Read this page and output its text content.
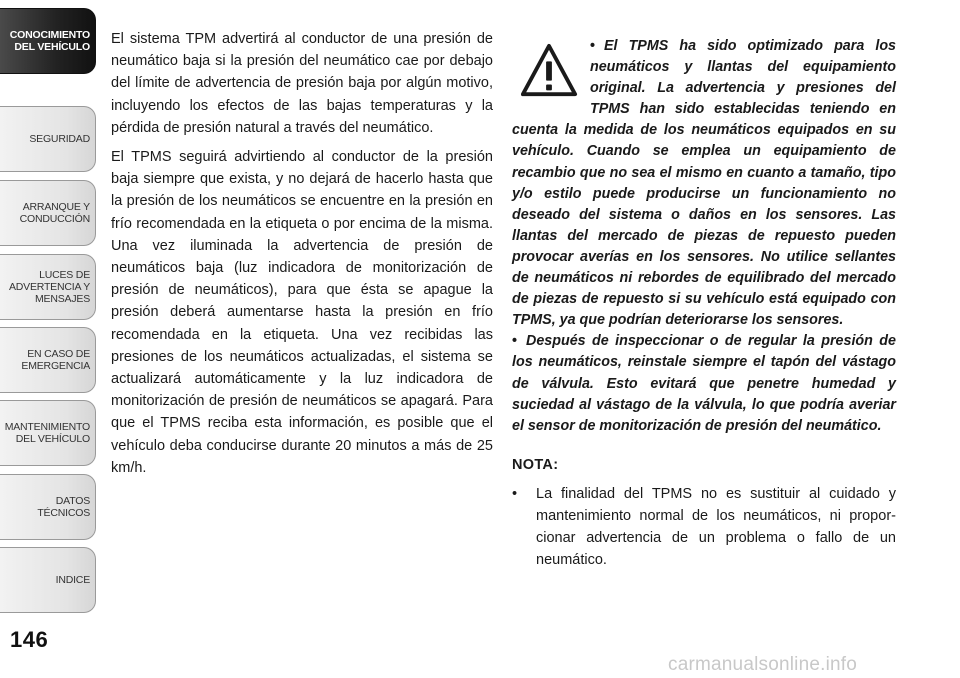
CONOCIMIENTO
DEL VEHÍCULO
SEGURIDAD
ARRANQUE Y
CONDUCCIÓN
LUCES DE
ADVERTENCIA Y
MENSAJES
EN CASO DE
EMERGENCIA
MANTENIMIENTO
DEL VEHÍCULO
DATOS
TÉCNICOS
INDICE
146

El sistema TPM advertirá al conductor de una presión de neumático baja si la presión del neumático cae por debajo del límite de advertencia de presión baja por algún motivo, incluyendo los efectos de las bajas temperaturas y la pérdida de presión natural a través del neumático.

El TPMS seguirá advirtiendo al conductor de la presión baja siempre que exista, y no dejará de hacerlo hasta que la presión de los neumáticos se encuentre en la presión en frío recomendada en la etiqueta o por encima de la misma. Una vez iluminada la advertencia de presión de neumáticos baja (luz indicadora de monitorización de presión de neumáticos), para que ésta se apague la presión deberá aumentarse hasta la presión en frío recomendada en la etiqueta. Una vez recibidas las presiones de los neumáticos actualizadas, el sistema se actualizará automáticamente y la luz indicadora de monitorización de presión de neumáticos se apagará. Para que el TPMS reciba esta información, es posible que el vehículo deba conducirse durante 20 minutos a más de 25 km/h.

• El TPMS ha sido optimizado para los neumáticos y llantas del equipamiento original. La advertencia y presiones del TPMS han sido establecidas teniendo en cuenta la medida de los neumáticos equipados en su vehículo. Cuando se emplea un equipamiento de recambio que no sea el mismo en cuanto a tamaño, tipo y/o estilo puede producirse un funcionamiento no deseado del sistema o daños en los sensores. Las llantas del mercado de piezas de repuesto pueden provocar averías en los sensores. No utilice sellantes de neumáticos ni rebordes de equilibrado del mercado de piezas de repuesto si su vehículo está equipado con TPMS, ya que podrían deteriorarse los sensores.

• Después de inspeccionar o de regular la presión de los neumáticos, reinstale siempre el tapón del vástago de válvula. Esto evitará que penetre humedad y suciedad al vástago de la válvula, lo que podría averiar el sensor de monitorización de presión del neumático.

NOTA:
• La finalidad del TPMS no es sustituir al cuidado y mantenimiento normal de los neumáticos, ni proporcionar advertencia de un problema o fallo de un neumático.
carmanualsonline.info
